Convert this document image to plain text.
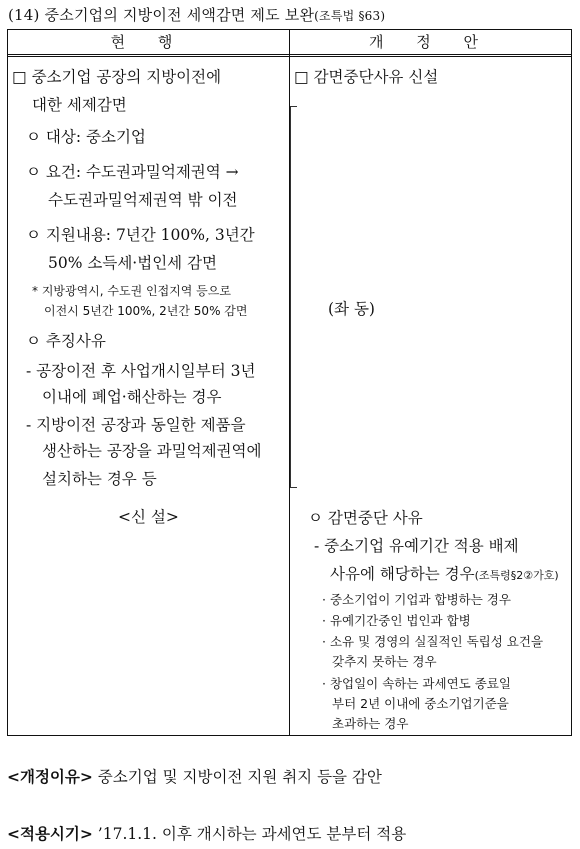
(14) 중소기업의 지방이전 세액감면 제도 보완(조특법 §63)
현 행	개 정 안
□ 중소기업 공장의 지방이전에
대한 세제감면
ㅇ 대상: 중소기업
ㅇ 요건: 수도권과밀억제권역 →
수도권과밀억제권역 밖 이전
ㅇ 지원내용: 7년간 100%, 3년간
50% 소득세·법인세 감면
* 지방광역시, 수도권 인접지역 등으로
이전시 5년간 100%, 2년간 50% 감면
ㅇ 추징사유
- 공장이전 후 사업개시일부터 3년
이내에 폐업·해산하는 경우
- 지방이전 공장과 동일한 제품을
생산하는 공장을 과밀억제권역에
설치하는 경우 등
<신 설>
□ 감면중단사유 신설
(좌 동)
ㅇ 감면중단 사유
- 중소기업 유예기간 적용 배제
사유에 해당하는 경우(조특령§2②가호)
· 중소기업이 기업과 합병하는 경우
· 유예기간중인 법인과 합병
· 소유 및 경영의 실질적인 독립성 요건을
갖추지 못하는 경우
· 창업일이 속하는 과세연도 종료일
부터 2년 이내에 중소기업기준을
초과하는 경우
<개정이유> 중소기업 및 지방이전 지원 취지 등을 감안
<적용시기> ’17.1.1. 이후 개시하는 과세연도 분부터 적용
